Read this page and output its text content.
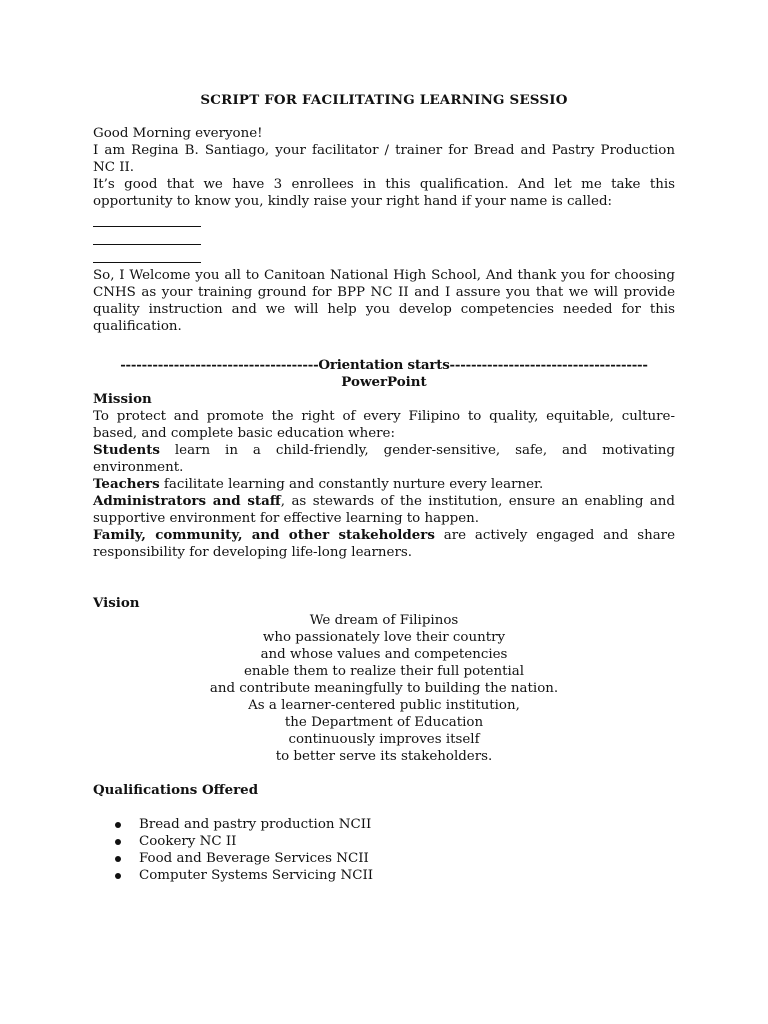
SCRIPT FOR FACILITATING LEARNING SESSIO

Good Morning everyone!

I am Regina B. Santiago, your facilitator / trainer for Bread and Pastry Production NC II.

It’s good that we have 3 enrollees in this qualification. And let me take this opportunity to know you, kindly raise your right hand if your name is called:

So, I Welcome you all to Canitoan National High School, And thank you for choosing CNHS as your training ground for BPP NC II and I assure you that we will provide quality instruction and we will help you develop competencies needed for this qualification.

-------------------------------------Orientation starts-------------------------------------

PowerPoint

Mission

To protect and promote the right of every Filipino to quality, equitable, culture-based, and complete basic education where:

Students learn in a child-friendly, gender-sensitive, safe, and motivating environment.

Teachers facilitate learning and constantly nurture every learner.

Administrators and staff, as stewards of the institution, ensure an enabling and supportive environment for effective learning to happen.

Family, community, and other stakeholders are actively engaged and share responsibility for developing life-long learners.

Vision

We dream of Filipinos

who passionately love their country

and whose values and competencies

enable them to realize their full potential

and contribute meaningfully to building the nation.

As a learner-centered public institution,

the Department of Education

continuously improves itself

to better serve its stakeholders.

Qualifications Offered

Bread and pastry production NCII
Cookery NC II
Food and Beverage Services NCII
Computer Systems Servicing NCII
